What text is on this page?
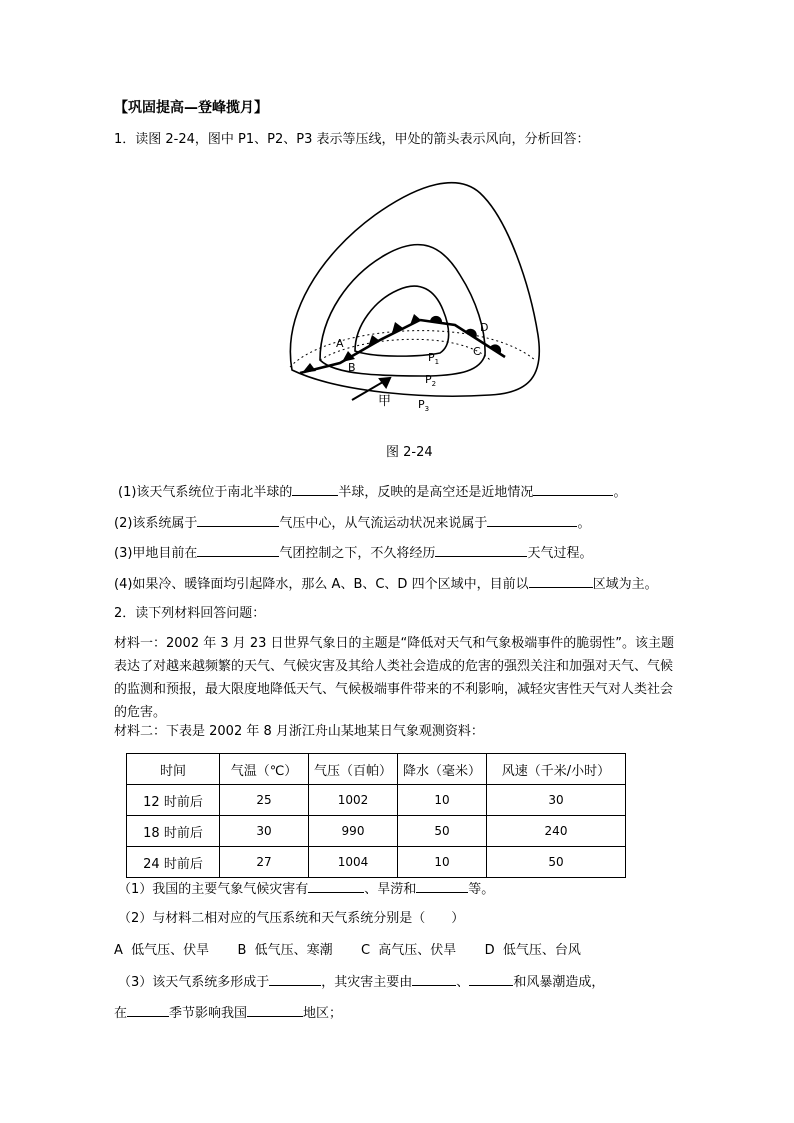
【巩固提高—登峰揽月】
1．读图 2-24，图中 P1、P2、P3 表示等压线，甲处的箭头表示风向，分析回答：
A
B
C
D
$P_1$
$P_2$
$P_3$
甲
图 2-24
(1)该天气系统位于南北半球的	半球，反映的是高空还是近地情况	。
(2)该系统属于	气压中心，从气流运动状况来说属于	。
(3)甲地目前在	气团控制之下，不久将经历	天气过程。
(4)如果冷、暖锋面均引起降水，那么 A、B、C、D 四个区域中，目前以	区域为主。
2．读下列材料回答问题：
材料一：2002 年 3 月 23 日世界气象日的主题是“降低对天气和气象极端事件的脆弱性”。该主题表达了对越来越频繁的天气、气候灾害及其给人类社会造成的危害的强烈关注和加强对天气、气候的监测和预报，最大限度地降低天气、气候极端事件带来的不利影响，减轻灾害性天气对人类社会的危害。
材料二：下表是 2002 年 8 月浙江舟山某地某日气象观测资料：
时间	气温（℃）	气压（百帕）	降水（毫米）	风速（千米/小时）
12 时前后	25	1002	10	30
18 时前后	30	990	50	240
24 时前后	27	1004	10	50
（1）我国的主要气象气候灾害有	、旱涝和	等。
（2）与材料二相对应的气压系统和天气系统分别是（　　）
A 低气压、伏旱 B 低气压、寒潮 C 高气压、伏旱 D 低气压、台风
（3）该天气系统多形成于	，其灾害主要由	、	和风暴潮造成，
在	季节影响我国	地区；
